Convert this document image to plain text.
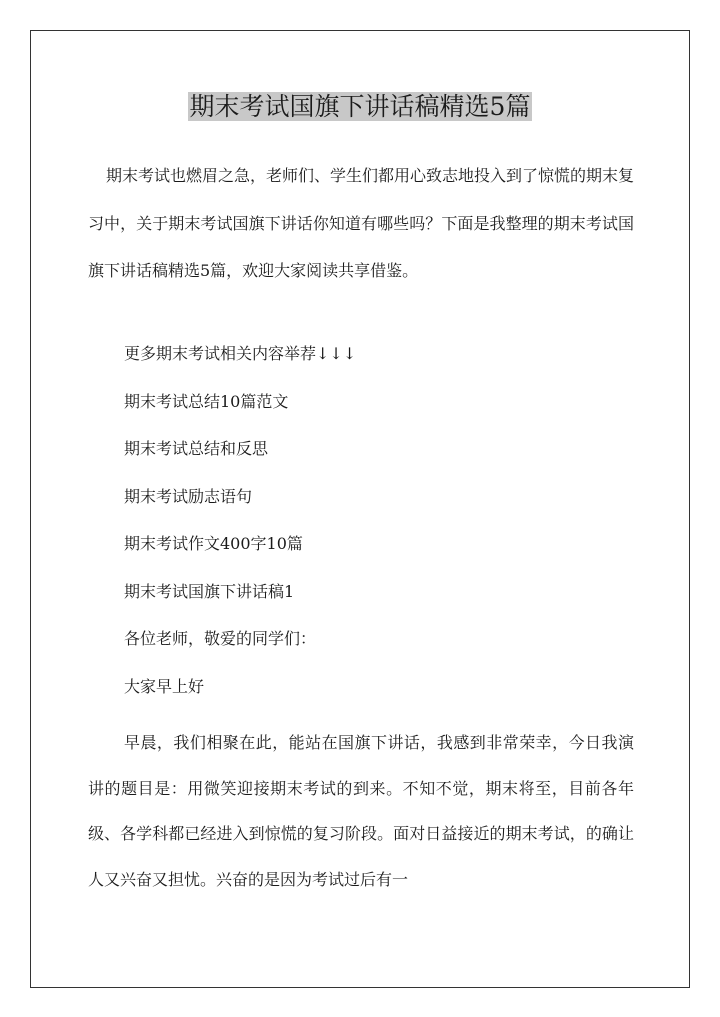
期末考试国旗下讲话稿精选5篇

期末考试也燃眉之急，老师们、学生们都用心致志地投入到了惊慌的期末复习中，关于期末考试国旗下讲话你知道有哪些吗？下面是我整理的期末考试国旗下讲话稿精选5篇，欢迎大家阅读共享借鉴。

更多期末考试相关内容举荐↓↓↓
期末考试总结10篇范文
期末考试总结和反思
期末考试励志语句
期末考试作文400字10篇
期末考试国旗下讲话稿1
各位老师，敬爱的同学们：
大家早上好

早晨，我们相聚在此，能站在国旗下讲话，我感到非常荣幸，今日我演讲的题目是：用微笑迎接期末考试的到来。不知不觉，期末将至，目前各年级、各学科都已经进入到惊慌的复习阶段。面对日益接近的期末考试，的确让人又兴奋又担忧。兴奋的是因为考试过后有一
